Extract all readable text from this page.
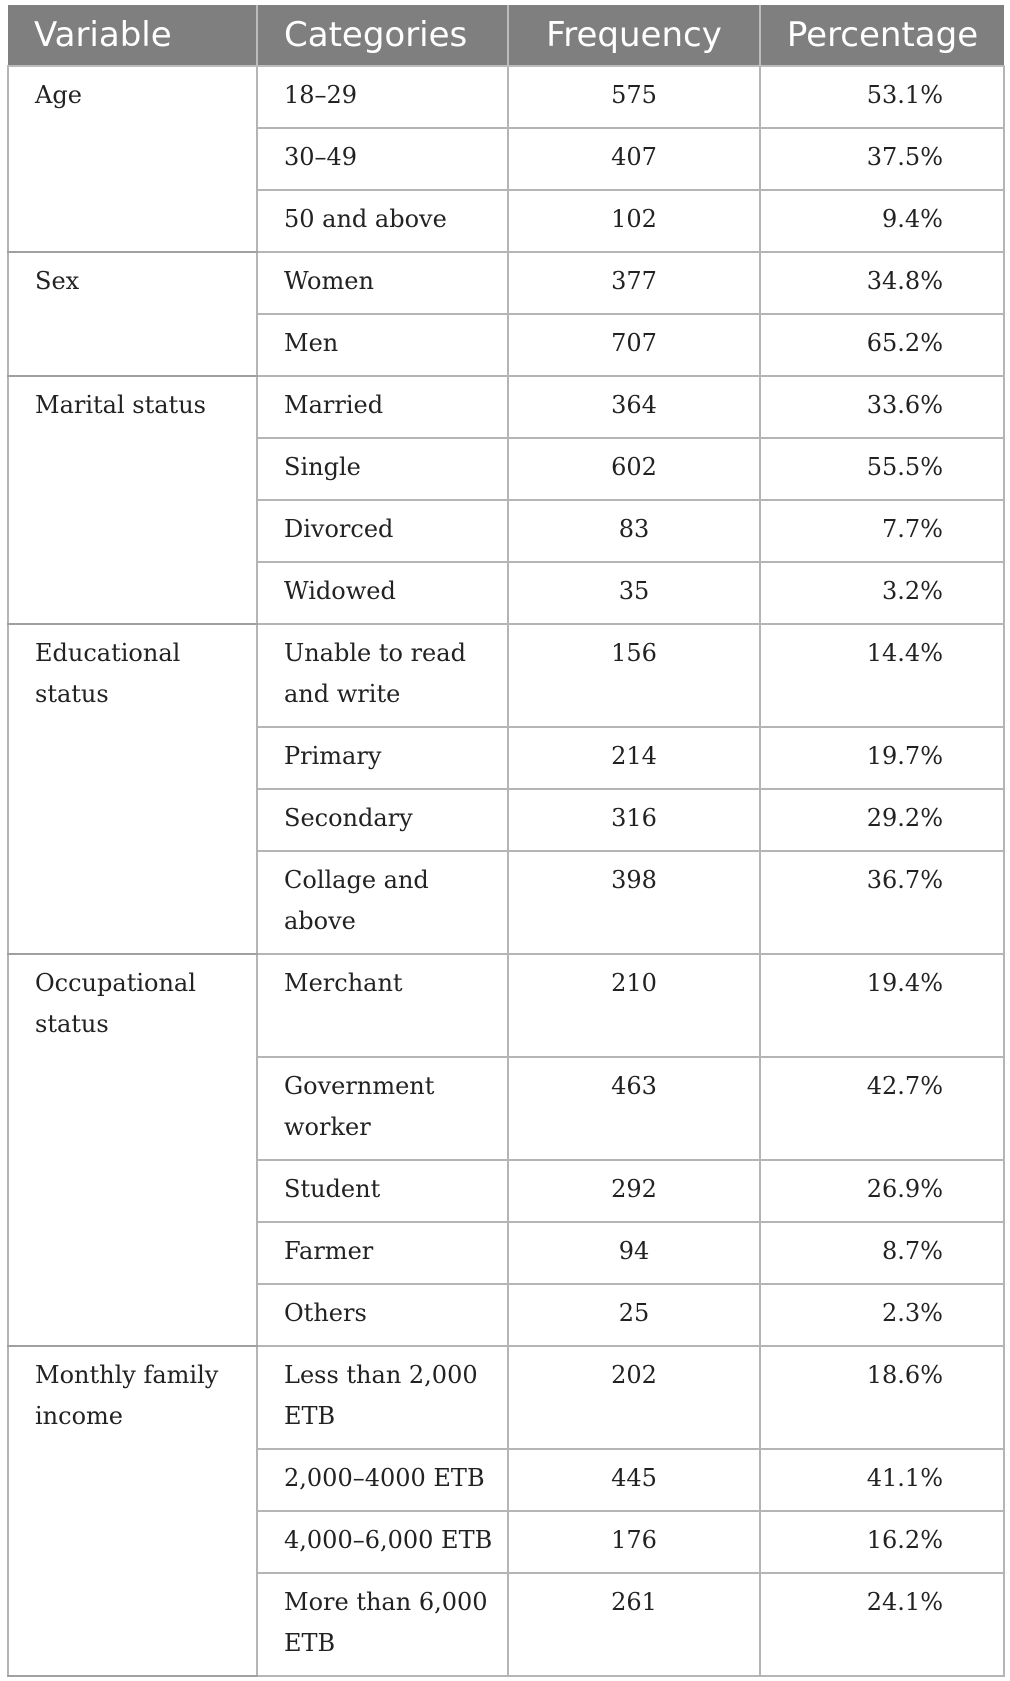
Variable	Categories	Frequency	Percentage
Age	18–29	575	53.1%
	30–49	407	37.5%
	50 and above	102	9.4%
Sex	Women	377	34.8%
	Men	707	65.2%
Marital status	Married	364	33.6%
	Single	602	55.5%
	Divorced	83	7.7%
	Widowed	35	3.2%
Educational status	Unable to read and write	156	14.4%
	Primary	214	19.7%
	Secondary	316	29.2%
	Collage and above	398	36.7%
Occupational status	Merchant	210	19.4%
	Government worker	463	42.7%
	Student	292	26.9%
	Farmer	94	8.7%
	Others	25	2.3%
Monthly family income	Less than 2,000 ETB	202	18.6%
	2,000–4000 ETB	445	41.1%
	4,000–6,000 ETB	176	16.2%
	More than 6,000 ETB	261	24.1%
